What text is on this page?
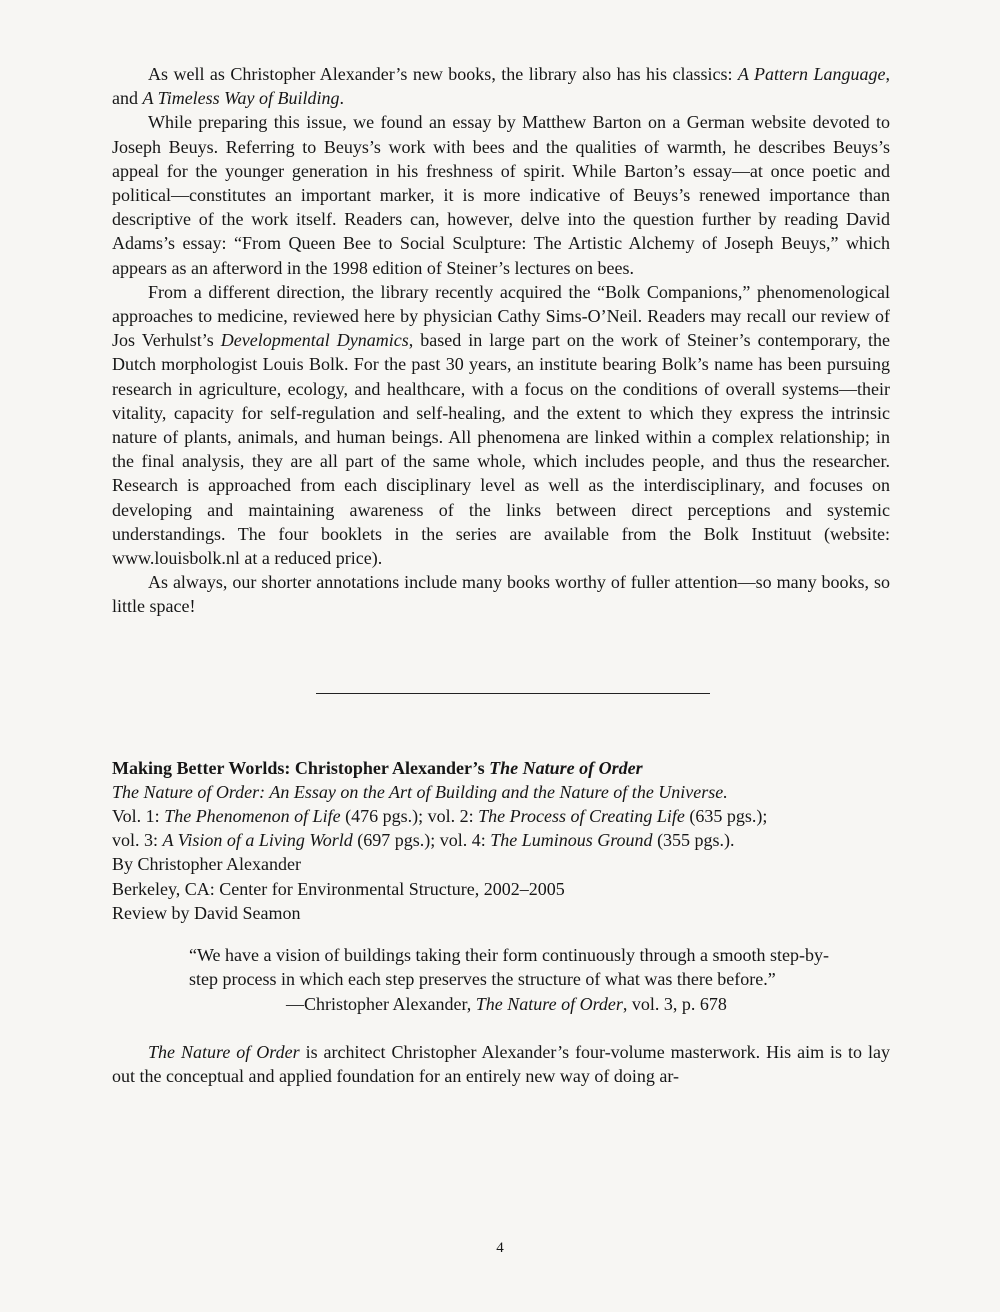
As well as Christopher Alexander’s new books, the library also has his classics: A Pattern Language, and A Timeless Way of Building.

While preparing this issue, we found an essay by Matthew Barton on a German website devoted to Joseph Beuys. Referring to Beuys’s work with bees and the qualities of warmth, he describes Beuys’s appeal for the younger generation in his freshness of spirit. While Barton’s essay—at once poetic and political—constitutes an important marker, it is more indicative of Beuys’s renewed importance than descriptive of the work itself. Readers can, however, delve into the question further by reading David Adams’s essay: “From Queen Bee to Social Sculpture: The Artistic Alchemy of Joseph Beuys,” which appears as an afterword in the 1998 edition of Steiner’s lectures on bees.

From a different direction, the library recently acquired the “Bolk Companions,” phenomenological approaches to medicine, reviewed here by physician Cathy Sims-O’Neil. Readers may recall our review of Jos Verhulst’s Developmental Dynamics, based in large part on the work of Steiner’s contemporary, the Dutch morphologist Louis Bolk. For the past 30 years, an institute bearing Bolk’s name has been pursuing research in agriculture, ecology, and healthcare, with a focus on the conditions of overall systems—their vitality, capacity for self-regulation and self-healing, and the extent to which they express the intrinsic nature of plants, animals, and human beings. All phenomena are linked within a complex relationship; in the final analysis, they are all part of the same whole, which includes people, and thus the researcher. Research is approached from each disciplinary level as well as the interdisciplinary, and focuses on developing and maintaining awareness of the links between direct perceptions and systemic understandings. The four booklets in the series are available from the Bolk Instituut (website: www.louisbolk.nl at a reduced price).

As always, our shorter annotations include many books worthy of fuller attention—so many books, so little space!

Making Better Worlds: Christopher Alexander’s The Nature of Order
The Nature of Order: An Essay on the Art of Building and the Nature of the Universe.
Vol. 1: The Phenomenon of Life (476 pgs.); vol. 2: The Process of Creating Life (635 pgs.);
vol. 3: A Vision of a Living World (697 pgs.); vol. 4: The Luminous Ground (355 pgs.).
By Christopher Alexander
Berkeley, CA: Center for Environmental Structure, 2002–2005
Review by David Seamon
“We have a vision of buildings taking their form continuously through a smooth step-by-step process in which each step preserves the structure of what was there before.”
—Christopher Alexander, The Nature of Order, vol. 3, p. 678

The Nature of Order is architect Christopher Alexander’s four-volume masterwork. His aim is to lay out the conceptual and applied foundation for an entirely new way of doing ar-

4
